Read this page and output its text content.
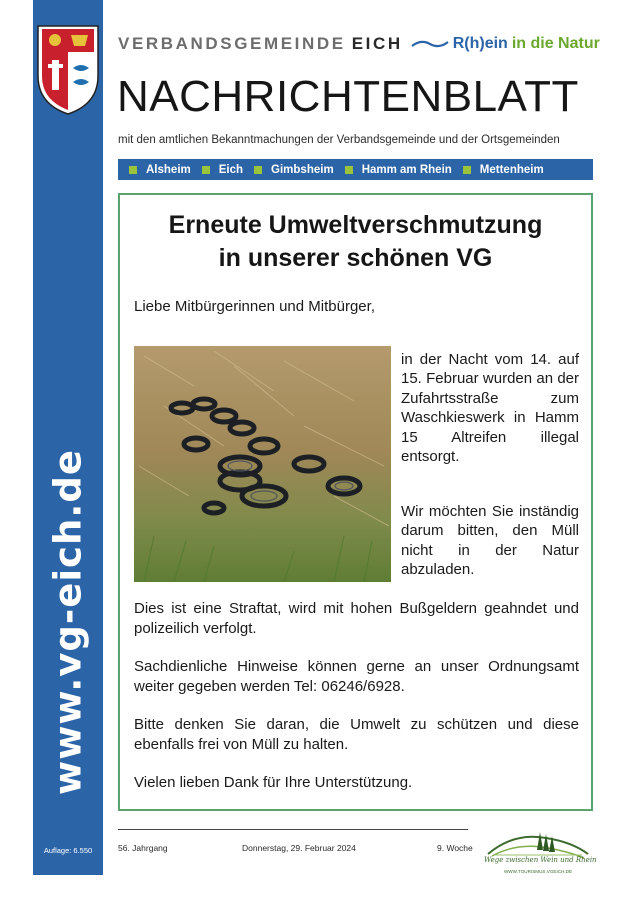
www.vg-eich.de
Auflage: 6.550
VERBANDSGEMEINDE EICH	R(h)ein in die Natur
NACHRICHTENBLATT
mit den amtlichen Bekanntmachungen der Verbandsgemeinde und der Ortsgemeinden
Alsheim Eich Gimbsheim Hamm am Rhein Mettenheim
Erneute Umweltverschmutzung
in unserer schönen VG
Liebe Mitbürgerinnen und Mitbürger,
in der Nacht vom 14. auf 15. Februar wurden an der Zufahrtsstraße zum Waschkieswerk in Hamm 15 Altreifen illegal entsorgt.
Wir möchten Sie inständig darum bitten, den Müll nicht in der Natur abzuladen.
Dies ist eine Straftat, wird mit hohen Bußgeldern geahndet und polizeilich verfolgt.
Sachdienliche Hinweise können gerne an unser Ordnungsamt weiter gegeben werden Tel: 06246/6928.
Bitte denken Sie daran, die Umwelt zu schützen und diese ebenfalls frei von Müll zu halten.
Vielen lieben Dank für Ihre Unterstützung.
56. Jahrgang	Donnerstag, 29. Februar 2024	9. Woche
Wege zwischen Wein und Rhein
WWW.TOURISMUS.VGEICH.DE
